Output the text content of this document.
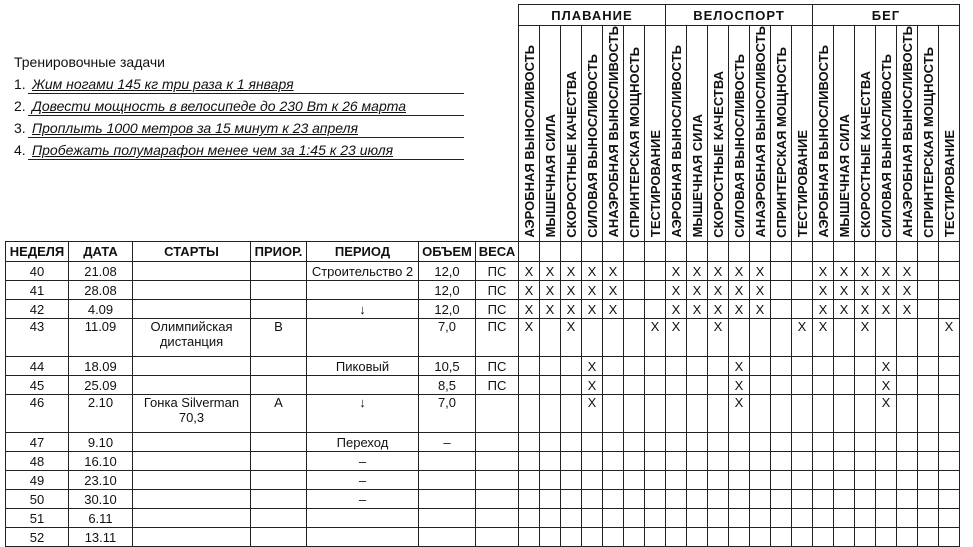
Тренировочные задачи
1. Жим ногами 145 кг три раза к 1 января
2. Довести мощность в велосипеде до 230 Вт к 26 марта
3. Проплыть 1000 метров за 15 минут к 23 апреля
4. Пробежать полумарафон менее чем за 1:45 к 23 июля
							ПЛАВАНИЕ							ВЕЛОСПОРТ							БЕГ						

							АЭРОБНАЯ ВЫНОСЛИВОСТЬ	МЫШЕЧНАЯ СИЛА	СКОРОСТНЫЕ КАЧЕСТВА	СИЛОВАЯ ВЫНОСЛИВОСТЬ	АНАЭРОБНАЯ ВЫНОСЛИВОСТЬ	СПРИНТЕРСКАЯ МОЩНОСТЬ	ТЕСТИРОВАНИЕ	АЭРОБНАЯ ВЫНОСЛИВОСТЬ	МЫШЕЧНАЯ СИЛА	СКОРОСТНЫЕ КАЧЕСТВА	СИЛОВАЯ ВЫНОСЛИВОСТЬ	АНАЭРОБНАЯ ВЫНОСЛИВОСТЬ	СПРИНТЕРСКАЯ МОЩНОСТЬ	ТЕСТИРОВАНИЕ	АЭРОБНАЯ ВЫНОСЛИВОСТЬ	МЫШЕЧНАЯ СИЛА	СКОРОСТНЫЕ КАЧЕСТВА	СИЛОВАЯ ВЫНОСЛИВОСТЬ	АНАЭРОБНАЯ ВЫНОСЛИВОСТЬ	СПРИНТЕРСКАЯ МОЩНОСТЬ	ТЕСТИРОВАНИЕ

НЕДЕЛЯ	ДАТА	СТАРТЫ	ПРИОР.	ПЕРИОД	ОБЪЕМ	ВЕСА																					
40	21.08			Строительство 2	12,0	ПС	X	X	X	X	X			X	X	X	X	X			X	X	X	X	X		
41	28.08				12,0	ПС	X	X	X	X	X			X	X	X	X	X			X	X	X	X	X		
42	4.09			↓	12,0	ПС	X	X	X	X	X			X	X	X	X	X			X	X	X	X	X		
43	11.09	Олимпийская дистанция	B		7,0	ПС	X		X				X	X		X				X	X		X				X
44	18.09			Пиковый	10,5	ПС				X							X							X			
45	25.09				8,5	ПС				X							X							X			
46	2.10	Гонка Silverman 70,3	A	↓	7,0					X							X							X			
47	9.10			Переход	–																						
48	16.10			–																							
49	23.10			–																							
50	30.10			–																							
51	6.11																										
52	13.11																										
